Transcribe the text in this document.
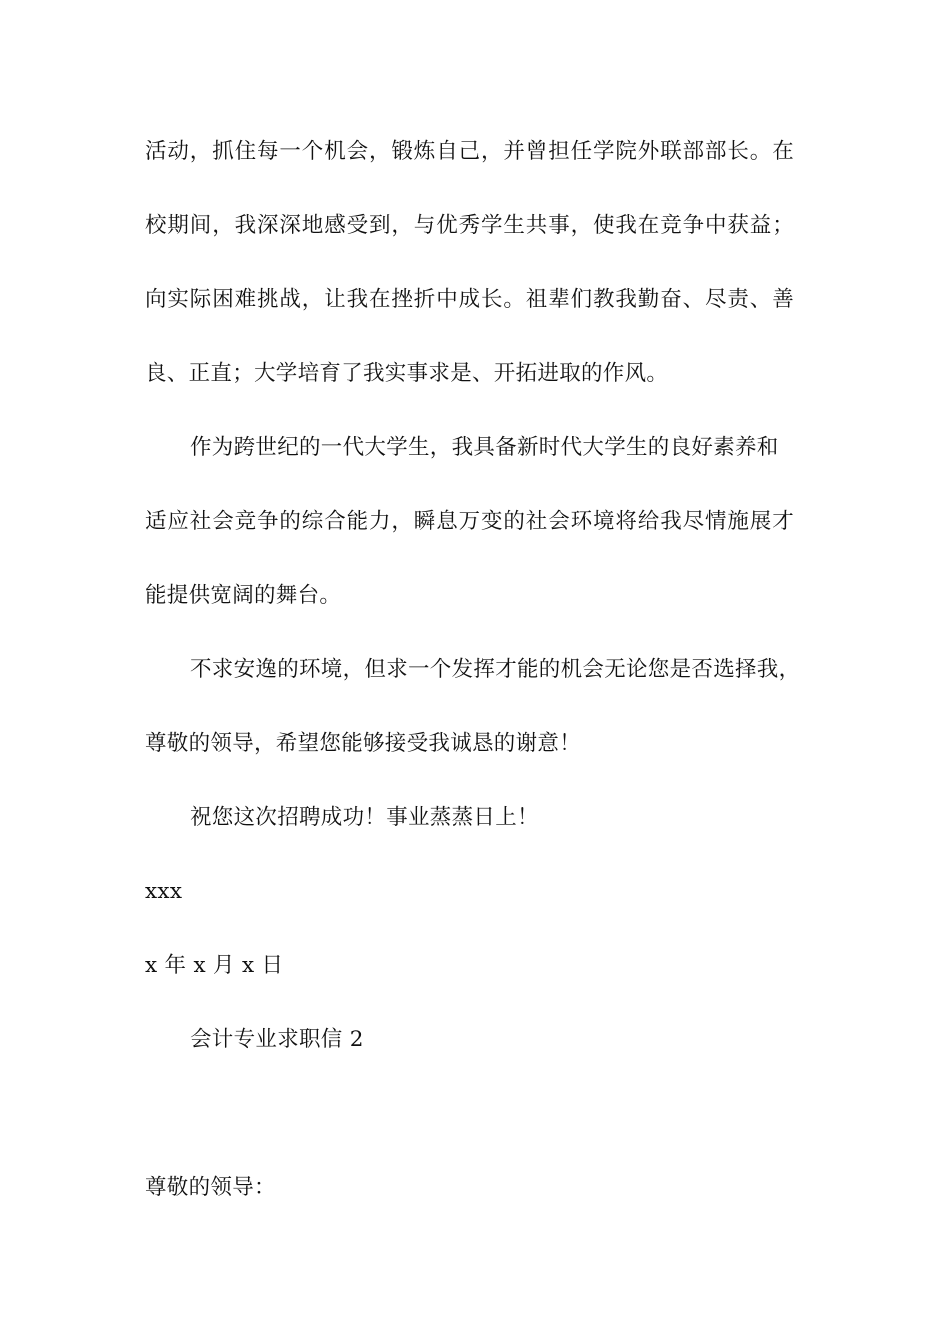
活动，抓住每一个机会，锻炼自己，并曾担任学院外联部部长。在
校期间，我深深地感受到，与优秀学生共事，使我在竞争中获益；
向实际困难挑战，让我在挫折中成长。祖辈们教我勤奋、尽责、善
良、正直；大学培育了我实事求是、开拓进取的作风。
作为跨世纪的一代大学生，我具备新时代大学生的良好素养和
适应社会竞争的综合能力，瞬息万变的社会环境将给我尽情施展才
能提供宽阔的舞台。
不求安逸的环境，但求一个发挥才能的机会无论您是否选择我，
尊敬的领导，希望您能够接受我诚恳的谢意！
祝您这次招聘成功！事业蒸蒸日上！
xxx
x 年 x 月 x 日
会计专业求职信 2
尊敬的领导：
